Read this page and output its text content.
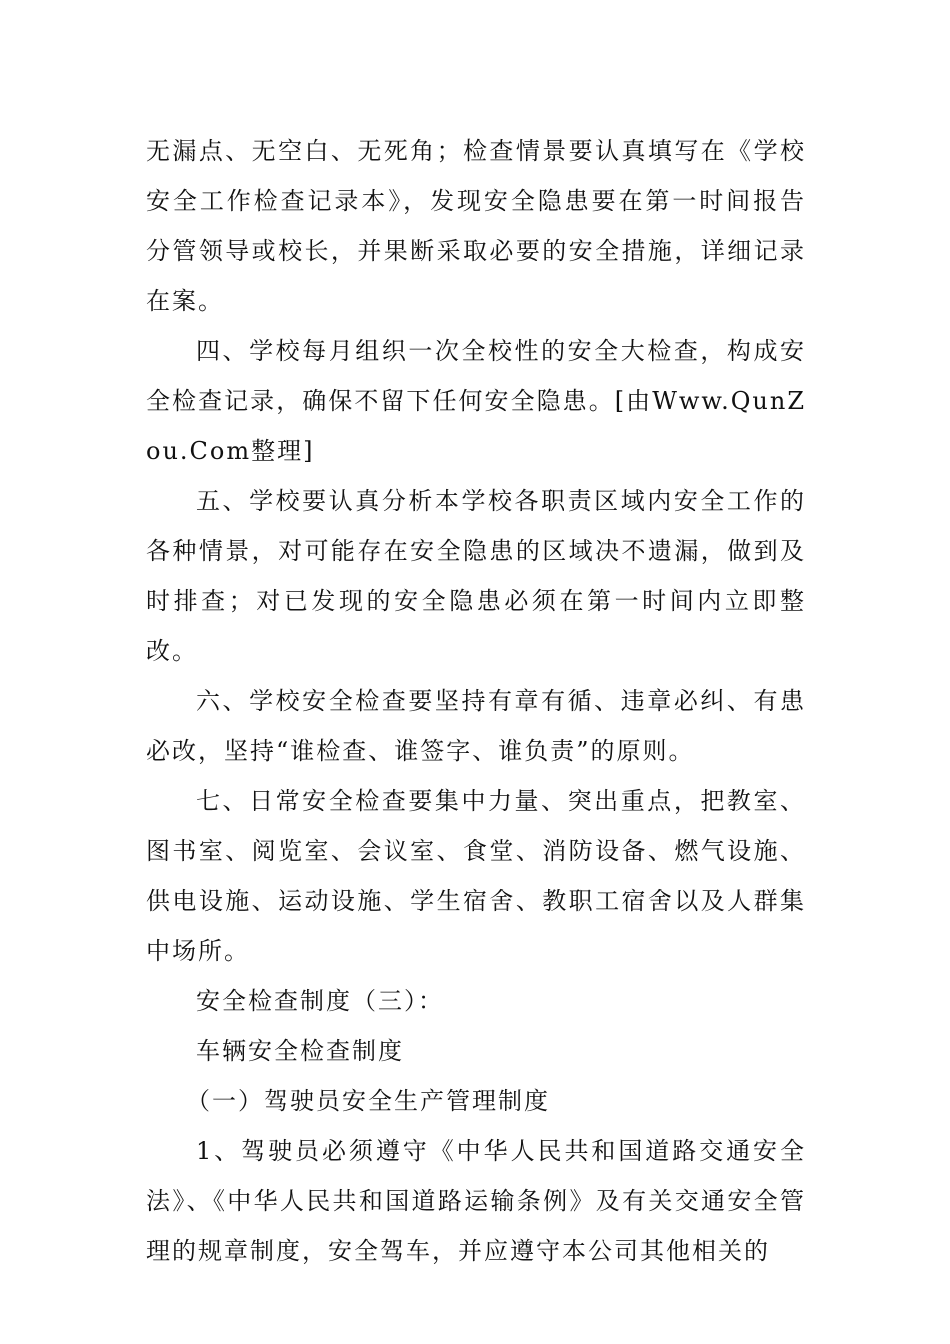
无漏点、无空白、无死角；检查情景要认真填写在《学校安全工作检查记录本》，发现安全隐患要在第一时间报告分管领导或校长，并果断采取必要的安全措施，详细记录在案。

四、学校每月组织一次全校性的安全大检查，构成安全检查记录，确保不留下任何安全隐患。[由Www.QunZou.Com整理]

五、学校要认真分析本学校各职责区域内安全工作的各种情景，对可能存在安全隐患的区域决不遗漏，做到及时排查；对已发现的安全隐患必须在第一时间内立即整改。

六、学校安全检查要坚持有章有循、违章必纠、有患必改，坚持“谁检查、谁签字、谁负责”的原则。

七、日常安全检查要集中力量、突出重点，把教室、图书室、阅览室、会议室、食堂、消防设备、燃气设施、供电设施、运动设施、学生宿舍、教职工宿舍以及人群集中场所。

安全检查制度（三）：

车辆安全检查制度

（一）驾驶员安全生产管理制度

1、驾驶员必须遵守《中华人民共和国道路交通安全法》、《中华人民共和国道路运输条例》及有关交通安全管理的规章制度，安全驾车，并应遵守本公司其他相关的
